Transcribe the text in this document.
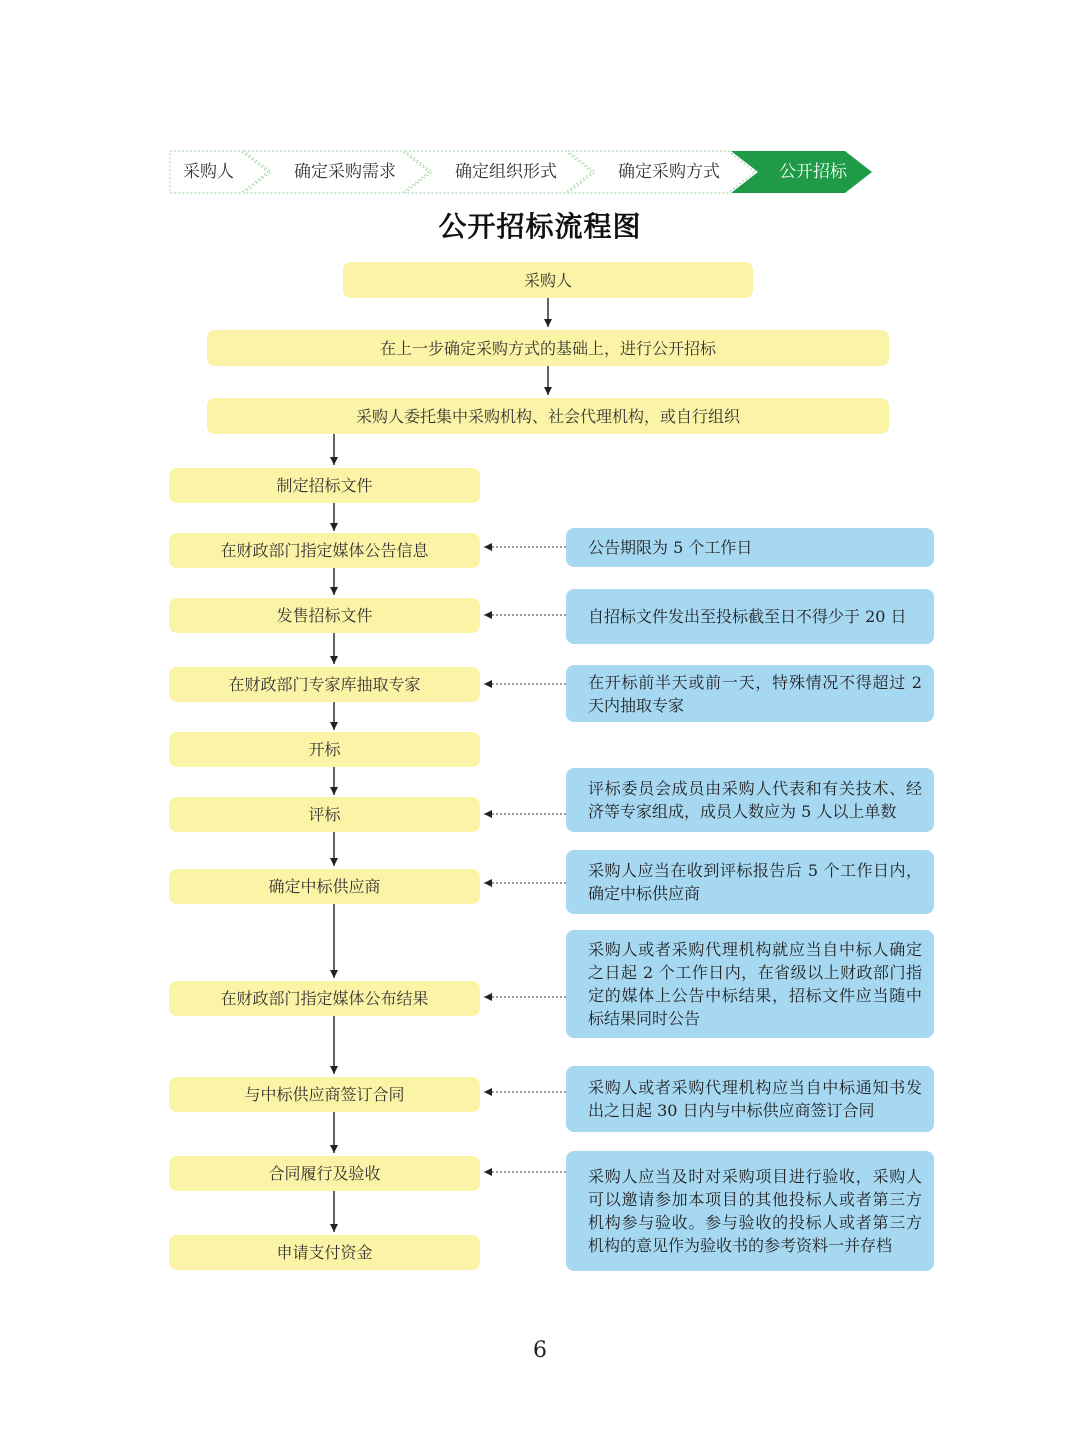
采购人	确定采购需求	确定组织形式	确定采购方式	公开招标
公开招标流程图
采购人
在上一步确定采购方式的基础上，进行公开招标
采购人委托集中采购机构、社会代理机构，或自行组织
制定招标文件
在财政部门指定媒体公告信息
发售招标文件
在财政部门专家库抽取专家
开标
评标
确定中标供应商
在财政部门指定媒体公布结果
与中标供应商签订合同
合同履行及验收
申请支付资金
公告期限为 5 个工作日
自招标文件发出至投标截至日不得少于 20 日
在开标前半天或前一天，特殊情况不得超过 2 天内抽取专家
评标委员会成员由采购人代表和有关技术、经济等专家组成，成员人数应为 5 人以上单数
采购人应当在收到评标报告后 5 个工作日内，确定中标供应商
采购人或者采购代理机构就应当自中标人确定之日起 2 个工作日内，在省级以上财政部门指定的媒体上公告中标结果，招标文件应当随中标结果同时公告
采购人或者采购代理机构应当自中标通知书发出之日起 30 日内与中标供应商签订合同
采购人应当及时对采购项目进行验收，采购人可以邀请参加本项目的其他投标人或者第三方机构参与验收。参与验收的投标人或者第三方机构的意见作为验收书的参考资料一并存档
6
